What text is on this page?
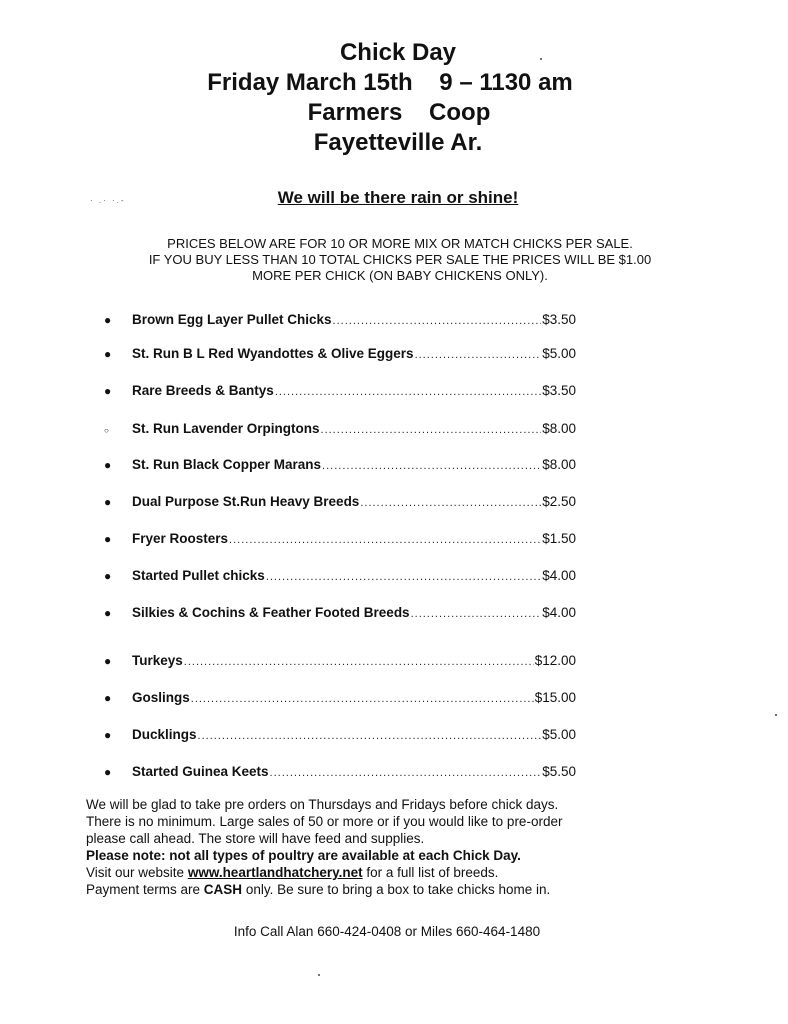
Chick Day
Friday March 15th    9 – 1130 am
Farmers    Coop
Fayetteville Ar.
· .· ·.-	We will be there rain or shine!
PRICES BELOW ARE FOR 10 OR MORE MIX OR MATCH CHICKS PER SALE.
IF YOU BUY LESS THAN 10 TOTAL CHICKS PER SALE THE PRICES WILL BE $1.00
MORE PER CHICK (ON BABY CHICKENS ONLY).
●	Brown Egg Layer Pullet Chicks .....	$3.50
●	St. Run B L Red Wyandottes & Olive Eggers .....	$5.00
●	Rare Breeds & Bantys .....	$3.50
○	St. Run Lavender Orpingtons .....	$8.00
●	St. Run Black Copper Marans .....	$8.00
●	Dual Purpose St.Run Heavy Breeds .....	$2.50
●	Fryer Roosters .....	$1.50
●	Started Pullet chicks .....	$4.00
●	Silkies & Cochins & Feather Footed Breeds .....	$4.00
●	Turkeys .....	$12.00
●	Goslings .....	$15.00
●	Ducklings .....	$5.00
●	Started Guinea Keets .....	$5.50

We will be glad to take pre orders on Thursdays and Fridays before chick days.

There is no minimum. Large sales of 50 or more or if you would like to pre-order

please call ahead. The store will have feed and supplies.

Please note: not all types of poultry are available at each Chick Day.

Visit our website www.heartlandhatchery.net for a full list of breeds.

Payment terms are CASH only. Be sure to bring a box to take chicks home in.

Info Call Alan 660-424-0408 or Miles 660-464-1480
